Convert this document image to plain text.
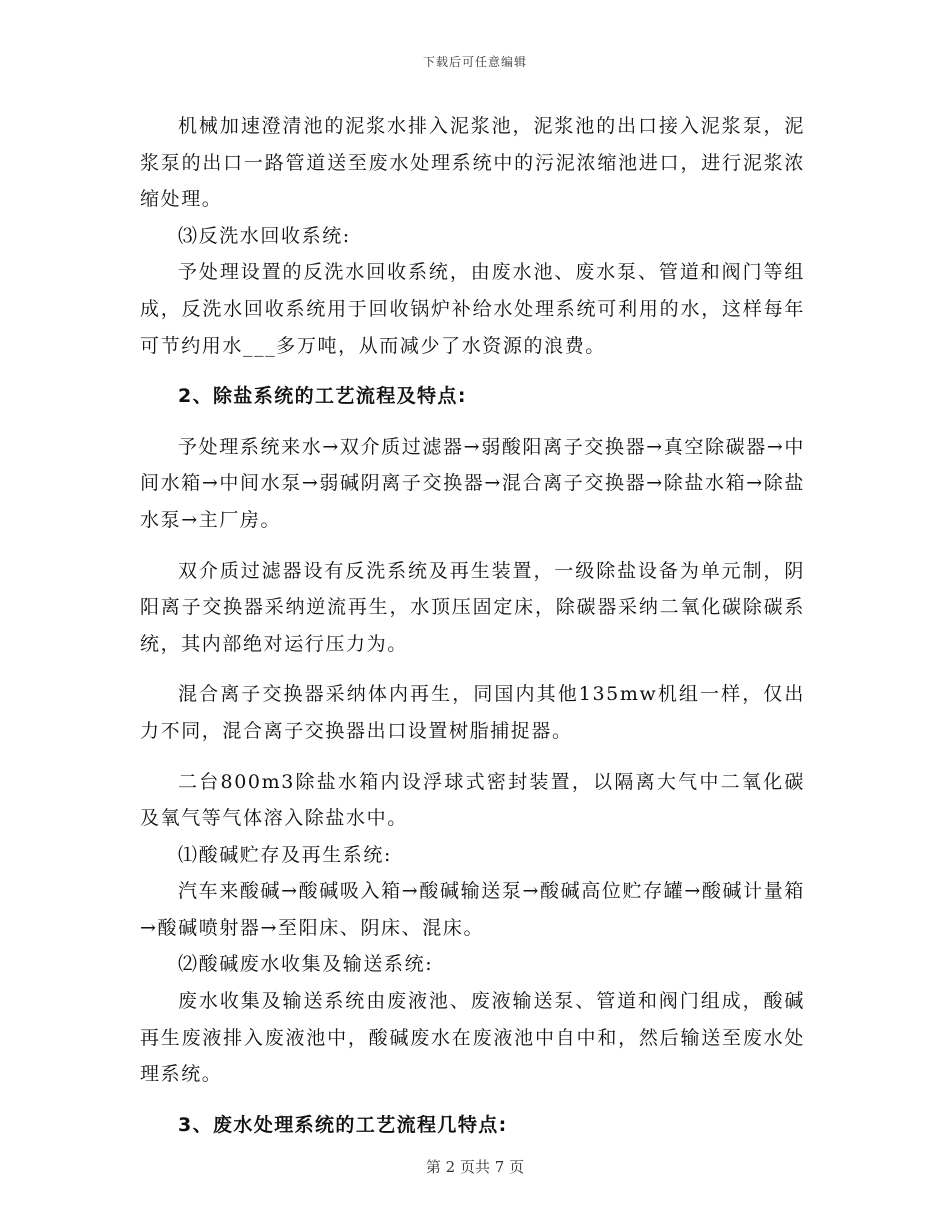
下载后可任意编辑

机械加速澄清池的泥浆水排入泥浆池，泥浆池的出口接入泥浆泵，泥浆泵的出口一路管道送至废水处理系统中的污泥浓缩池进口，进行泥浆浓缩处理。

⑶反洗水回收系统:

予处理设置的反洗水回收系统，由废水池、废水泵、管道和阀门等组成，反洗水回收系统用于回收锅炉补给水处理系统可利用的水，这样每年可节约用水___多万吨，从而减少了水资源的浪费。

2、除盐系统的工艺流程及特点:

予处理系统来水→双介质过滤器→弱酸阳离子交换器→真空除碳器→中间水箱→中间水泵→弱碱阴离子交换器→混合离子交换器→除盐水箱→除盐水泵→主厂房。

双介质过滤器设有反洗系统及再生装置，一级除盐设备为单元制，阴阳离子交换器采纳逆流再生，水顶压固定床，除碳器采纳二氧化碳除碳系统，其内部绝对运行压力为。

混合离子交换器采纳体内再生，同国内其他135mw机组一样，仅出力不同，混合离子交换器出口设置树脂捕捉器。

二台800m3除盐水箱内设浮球式密封装置，以隔离大气中二氧化碳及氧气等气体溶入除盐水中。

⑴酸碱贮存及再生系统:

汽车来酸碱→酸碱吸入箱→酸碱输送泵→酸碱高位贮存罐→酸碱计量箱→酸碱喷射器→至阳床、阴床、混床。

⑵酸碱废水收集及输送系统:

废水收集及输送系统由废液池、废液输送泵、管道和阀门组成，酸碱再生废液排入废液池中，酸碱废水在废液池中自中和，然后输送至废水处理系统。

3、废水处理系统的工艺流程几特点:

第 2 页共 7 页
